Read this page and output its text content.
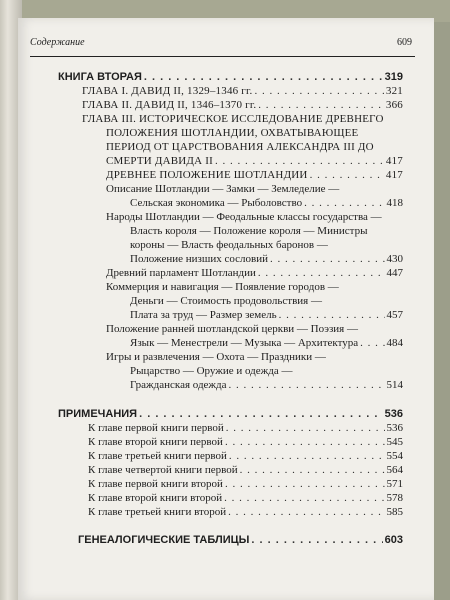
Содержание	609
КНИГА ВТОРАЯ . . .	319
ГЛАВА I. ДАВИД II, 1329–1346 гг. . . .	321
ГЛАВА II. ДАВИД II, 1346–1370 гг. . . .	366
ГЛАВА III. ИСТОРИЧЕСКОЕ ИССЛЕДОВАНИЕ ДРЕВНЕГО
ПОЛОЖЕНИЯ ШОТЛАНДИИ, ОХВАТЫВАЮЩЕЕ
ПЕРИОД ОТ ЦАРСТВОВАНИЯ АЛЕКСАНДРА III ДО
СМЕРТИ ДАВИДА II . . .	417
ДРЕВНЕЕ ПОЛОЖЕНИЕ ШОТЛАНДИИ . . .	417
Описание Шотландии — Замки — Земледелие —
Сельская экономика — Рыболовство . . .	418
Народы Шотландии — Феодальные классы государства —
Власть короля — Положение короля — Министры
короны — Власть феодальных баронов —
Положение низших сословий . . .	430
Древний парламент Шотландии . . .	447
Коммерция и навигация — Появление городов —
Деньги — Стоимость продовольствия —
Плата за труд — Размер земель . . .	457
Положение ранней шотландской церкви — Поэзия —
Язык — Менестрели — Музыка — Архитектура . . .	484
Игры и развлечения — Охота — Праздники —
Рыцарство — Оружие и одежда —
Гражданская одежда . . .	514
ПРИМЕЧАНИЯ . . .	536
К главе первой книги первой . . .	536
К главе второй книги первой . . .	545
К главе третьей книги первой . . .	554
К главе четвертой книги первой . . .	564
К главе первой книги второй . . .	571
К главе второй книги второй . . .	578
К главе третьей книги второй . . .	585
ГЕНЕАЛОГИЧЕСКИЕ ТАБЛИЦЫ . . .	603
